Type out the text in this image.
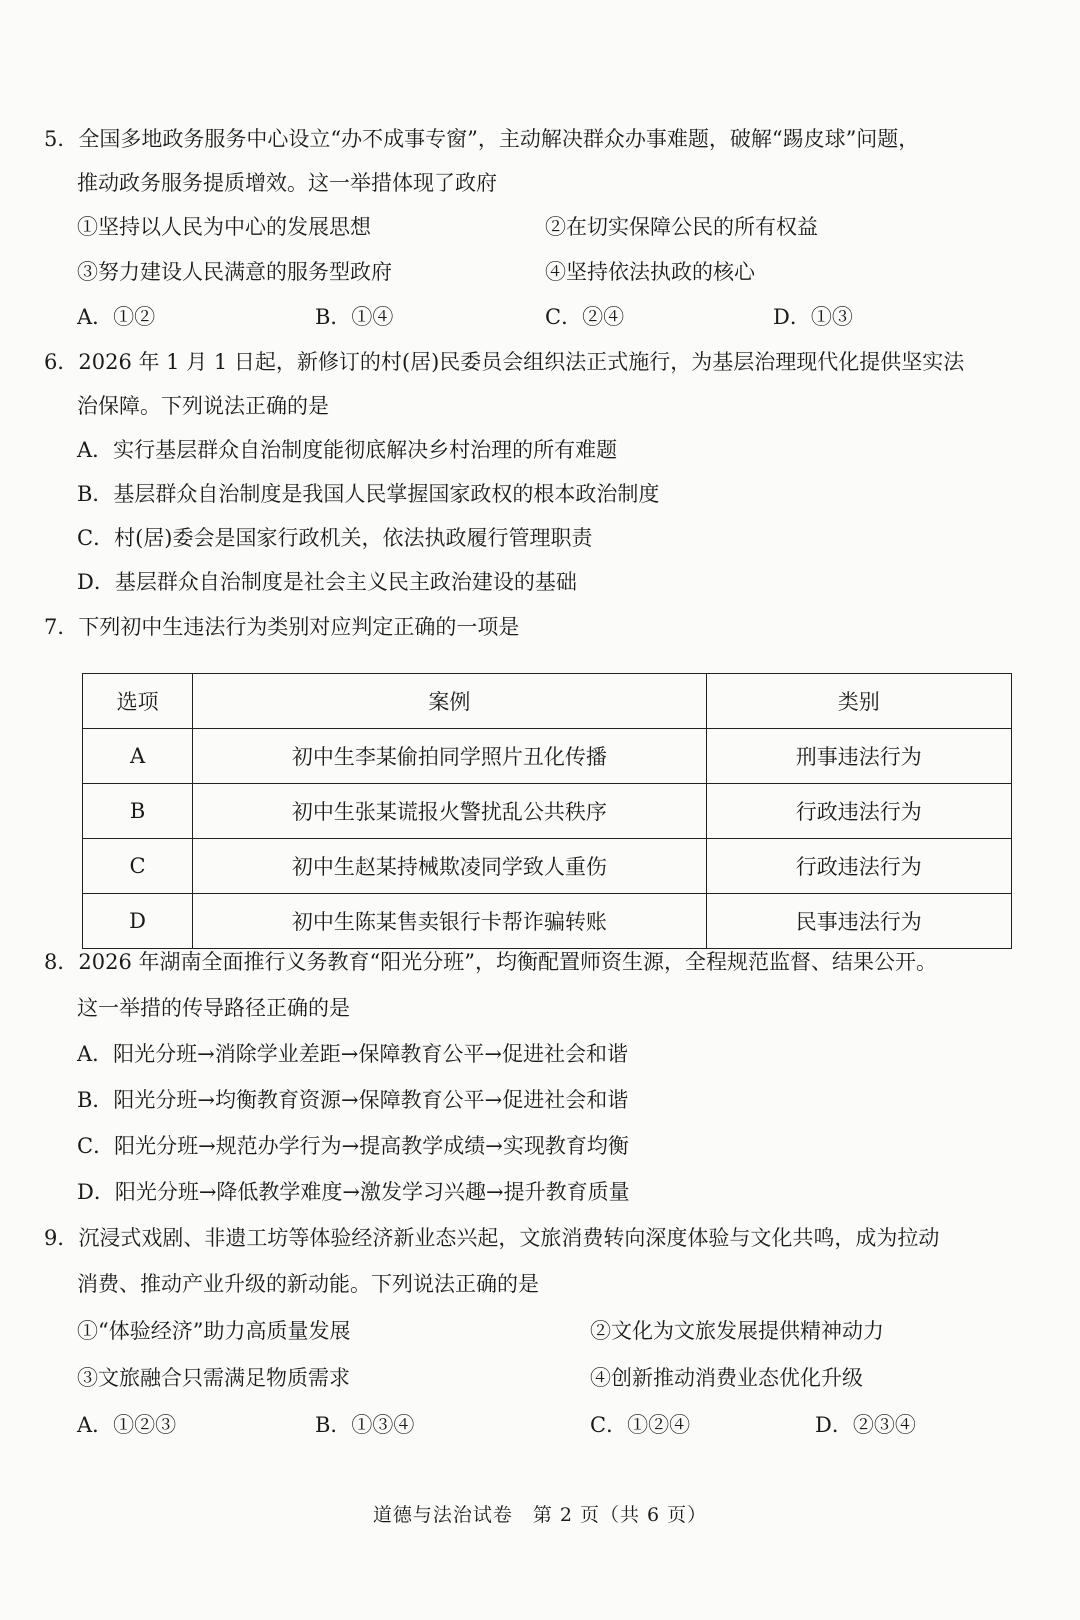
5．全国多地政务服务中心设立“办不成事专窗”，主动解决群众办事难题，破解“踢皮球”问题，
推动政务服务提质增效。这一举措体现了政府
①坚持以人民为中心的发展思想	②在切实保障公民的所有权益
③努力建设人民满意的服务型政府	④坚持依法执政的核心
A．①②	B．①④	C．②④	D．①③
6．2026 年 1 月 1 日起，新修订的村(居)民委员会组织法正式施行，为基层治理现代化提供坚实法
治保障。下列说法正确的是
A．实行基层群众自治制度能彻底解决乡村治理的所有难题
B．基层群众自治制度是我国人民掌握国家政权的根本政治制度
C．村(居)委会是国家行政机关，依法执政履行管理职责
D．基层群众自治制度是社会主义民主政治建设的基础
7．下列初中生违法行为类别对应判定正确的一项是
选项	案例	类别
A	初中生李某偷拍同学照片丑化传播	刑事违法行为
B	初中生张某谎报火警扰乱公共秩序	行政违法行为
C	初中生赵某持械欺凌同学致人重伤	行政违法行为
D	初中生陈某售卖银行卡帮诈骗转账	民事违法行为
8．2026 年湖南全面推行义务教育“阳光分班”，均衡配置师资生源，全程规范监督、结果公开。
这一举措的传导路径正确的是
A．阳光分班→消除学业差距→保障教育公平→促进社会和谐
B．阳光分班→均衡教育资源→保障教育公平→促进社会和谐
C．阳光分班→规范办学行为→提高教学成绩→实现教育均衡
D．阳光分班→降低教学难度→激发学习兴趣→提升教育质量
9．沉浸式戏剧、非遗工坊等体验经济新业态兴起，文旅消费转向深度体验与文化共鸣，成为拉动
消费、推动产业升级的新动能。下列说法正确的是
①“体验经济”助力高质量发展	②文化为文旅发展提供精神动力
③文旅融合只需满足物质需求	④创新推动消费业态优化升级
A．①②③	B．①③④	C．①②④	D．②③④
道德与法治试卷　第 2 页（共 6 页）
